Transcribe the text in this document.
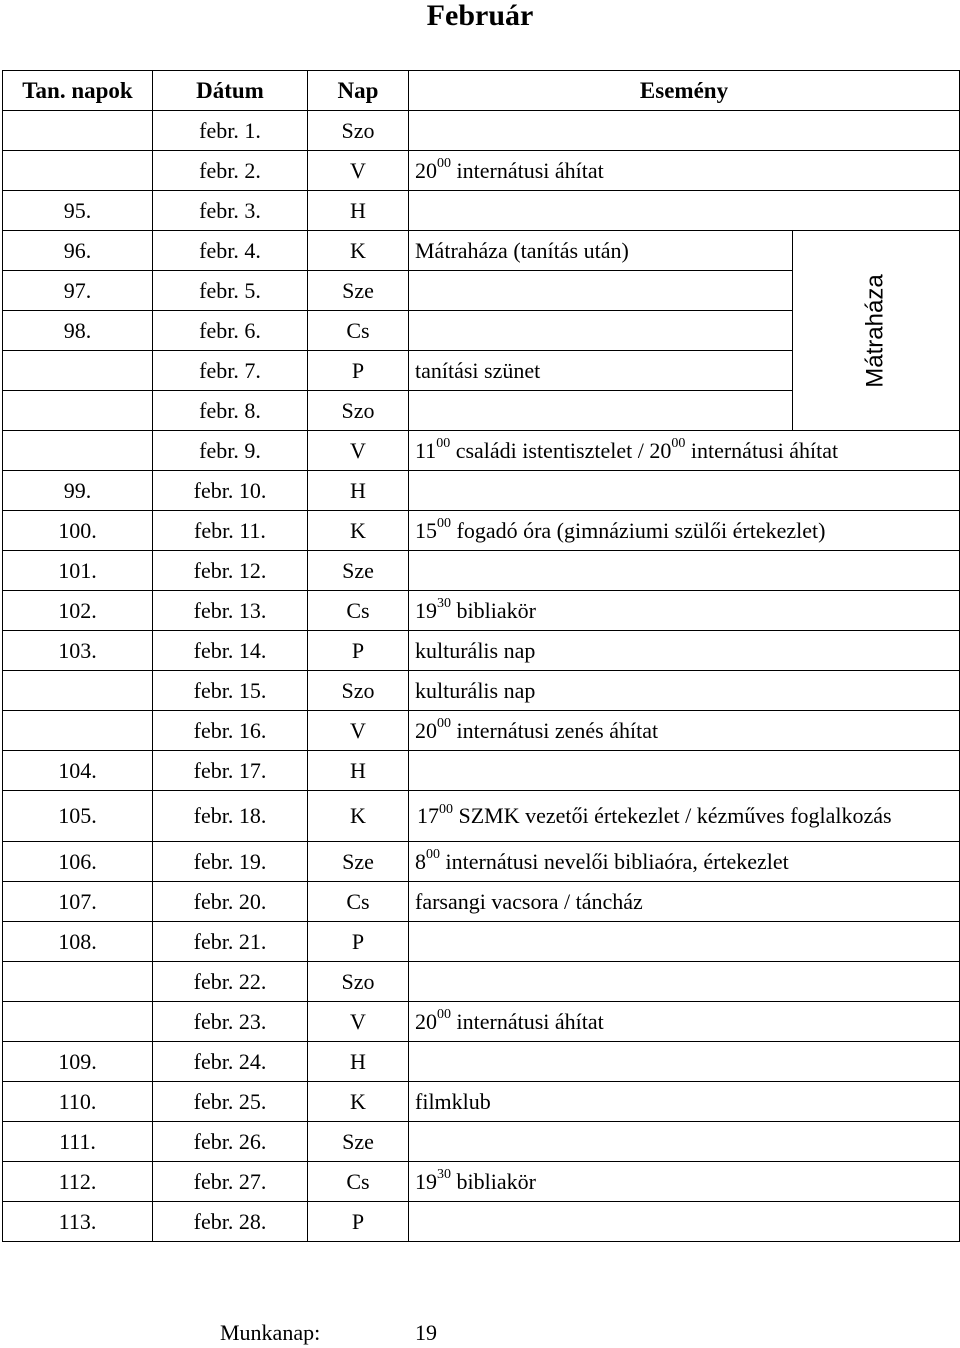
Február
Tan. napok	Dátum	Nap	Esemény	
	febr. 1.	Szo		
	febr. 2.	V	$20^{00}$ internátusi áhítat	
95.	febr. 3.	H		
96.	febr. 4.	K	Mátraháza (tanítás után)	Mátraháza
97.	febr. 5.	Sze		
98.	febr. 6.	Cs		
	febr. 7.	P	tanítási szünet	
	febr. 8.	Szo		
	febr. 9.	V	$11^{00}$ családi istentisztelet / $20^{00}$ internátusi áhítat	
99.	febr. 10.	H		
100.	febr. 11.	K	$15^{00}$ fogadó óra (gimnáziumi szülői értekezlet)	
101.	febr. 12.	Sze		
102.	febr. 13.	Cs	$19^{30}$ bibliakör	
103.	febr. 14.	P	kulturális nap	
	febr. 15.	Szo	kulturális nap	
	febr. 16.	V	$20^{00}$ internátusi zenés áhítat	
104.	febr. 17.	H		
105.	febr. 18.	K	$17^{00}$ SZMK vezetői értekezlet / kézműves foglalkozás	
106.	febr. 19.	Sze	$8^{00}$ internátusi nevelői bibliaóra, értekezlet	
107.	febr. 20.	Cs	farsangi vacsora / táncház	
108.	febr. 21.	P		
	febr. 22.	Szo		
	febr. 23.	V	$20^{00}$ internátusi áhítat	
109.	febr. 24.	H		
110.	febr. 25.	K	filmklub	
111.	febr. 26.	Sze		
112.	febr. 27.	Cs	$19^{30}$ bibliakör	
113.	febr. 28.	P		
Munkanap:	19
